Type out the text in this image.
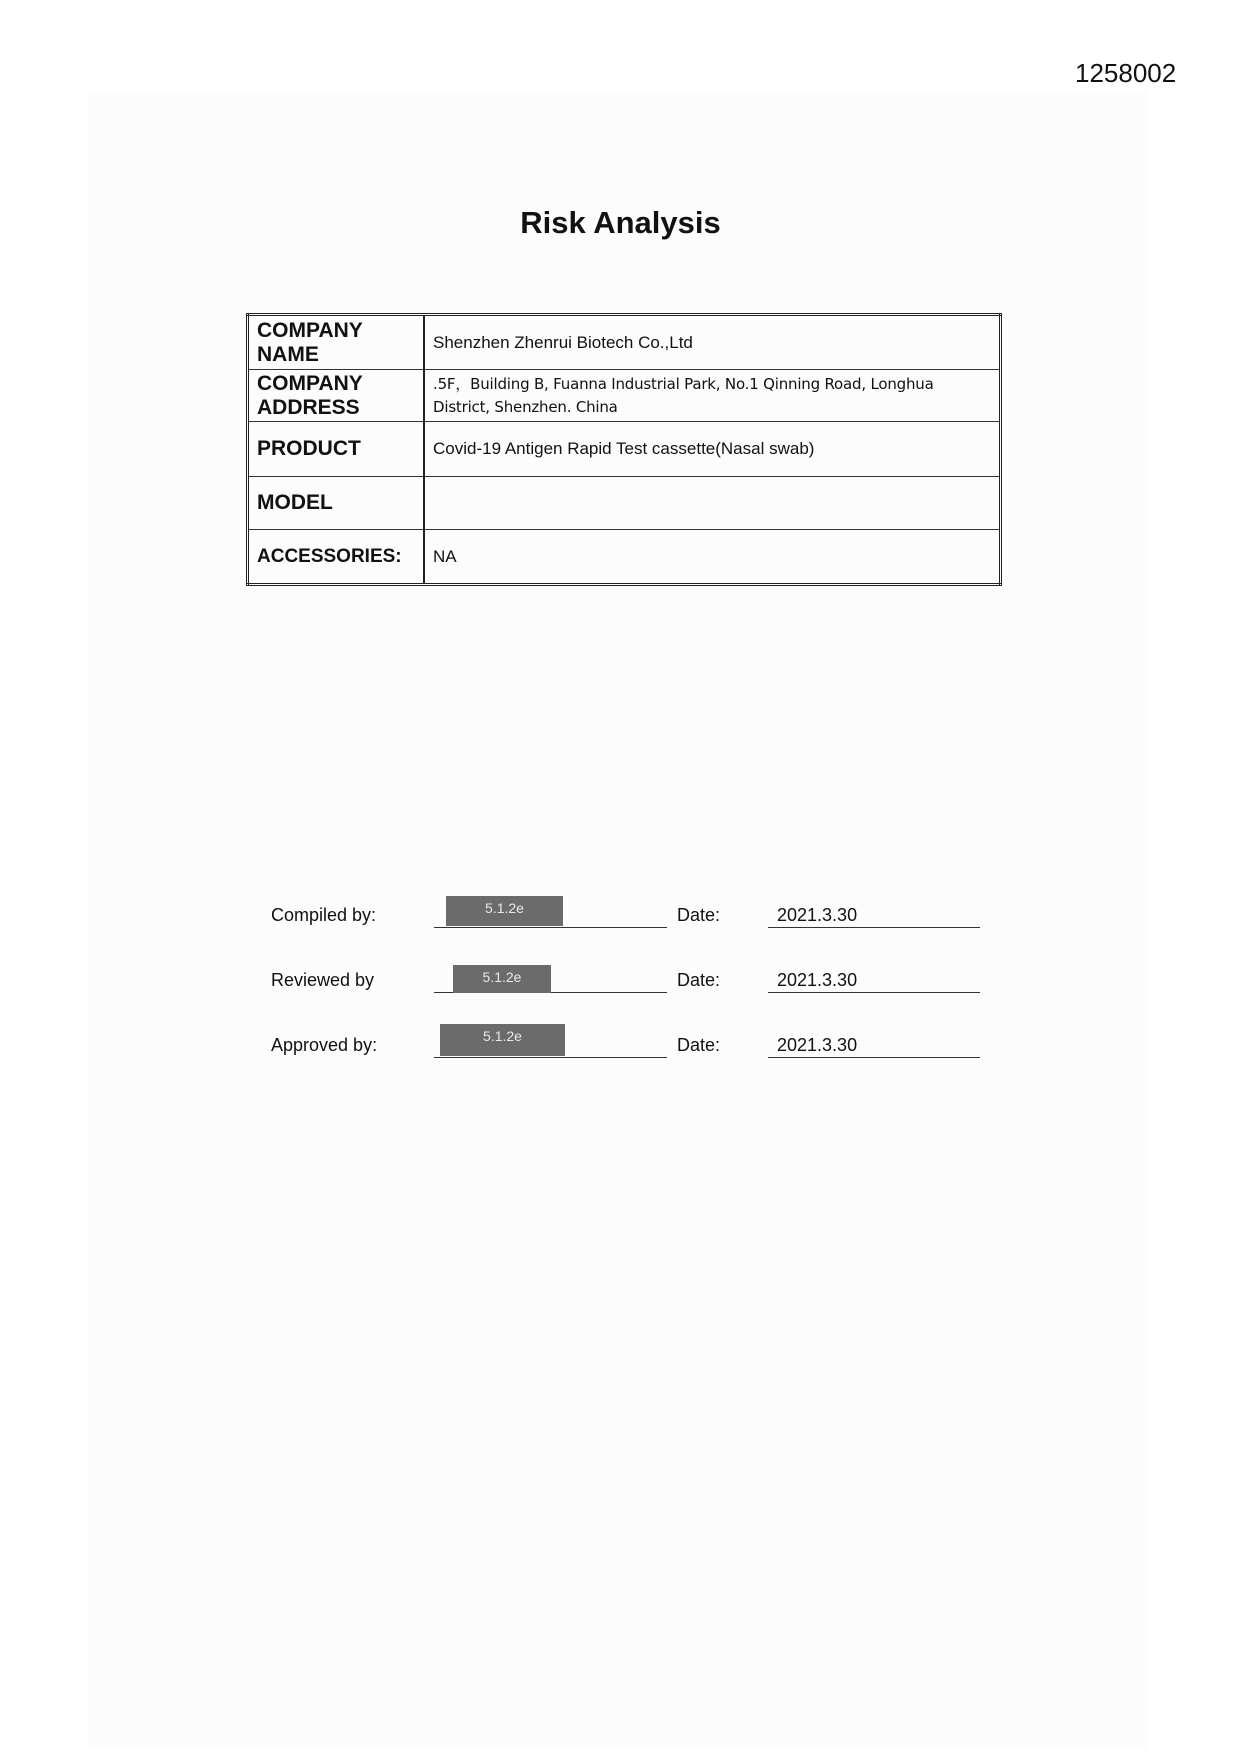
1258002
Risk Analysis
COMPANY NAME	Shenzhen Zhenrui Biotech Co.,Ltd
COMPANY ADDRESS	.5F，Building B, Fuanna Industrial Park, No.1 Qinning Road, Longhua District, Shenzhen. China
PRODUCT	Covid-19 Antigen Rapid Test cassette(Nasal swab)
MODEL	
ACCESSORIES:	NA
Compiled by:	5.1.2e	Date:	2021.3.30
Reviewed by	5.1.2e	Date:	2021.3.30
Approved by:	5.1.2e	Date:	2021.3.30
